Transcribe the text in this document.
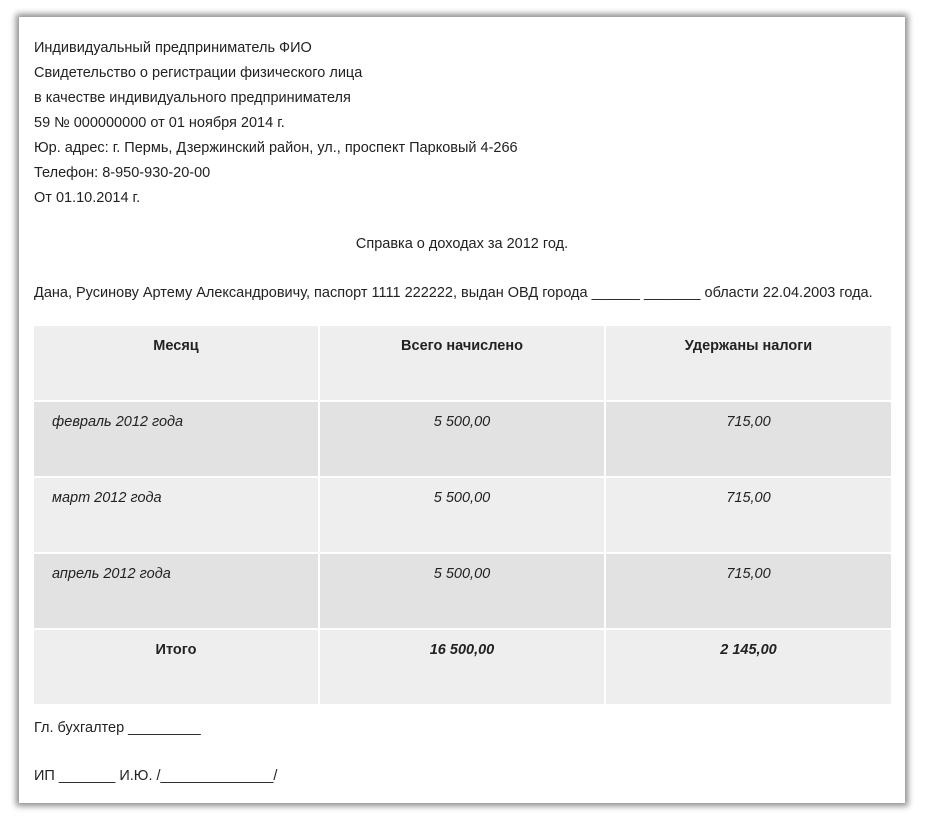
Индивидуальный предприниматель ФИО
Свидетельство о регистрации физического лица
в качестве индивидуального предпринимателя
59 № 000000000 от 01 ноября 2014 г.
Юр. адрес: г. Пермь, Дзержинский район, ул., проспект Парковый 4-266
Телефон: 8-950-930-20-00
От 01.10.2014 г.
Справка о доходах за 2012 год.
Дана, Русинову Артему Александровичу, паспорт 1111 222222, выдан ОВД города ______ _______ области 22.04.2003 года.
Месяц	Всего начислено	Удержаны налоги
февраль 2012 года	5 500,00	715,00
март 2012 года	5 500,00	715,00
апрель 2012 года	5 500,00	715,00
Итого	16 500,00	2 145,00
Гл. бухгалтер _________
ИП _______ И.Ю. /______________/
